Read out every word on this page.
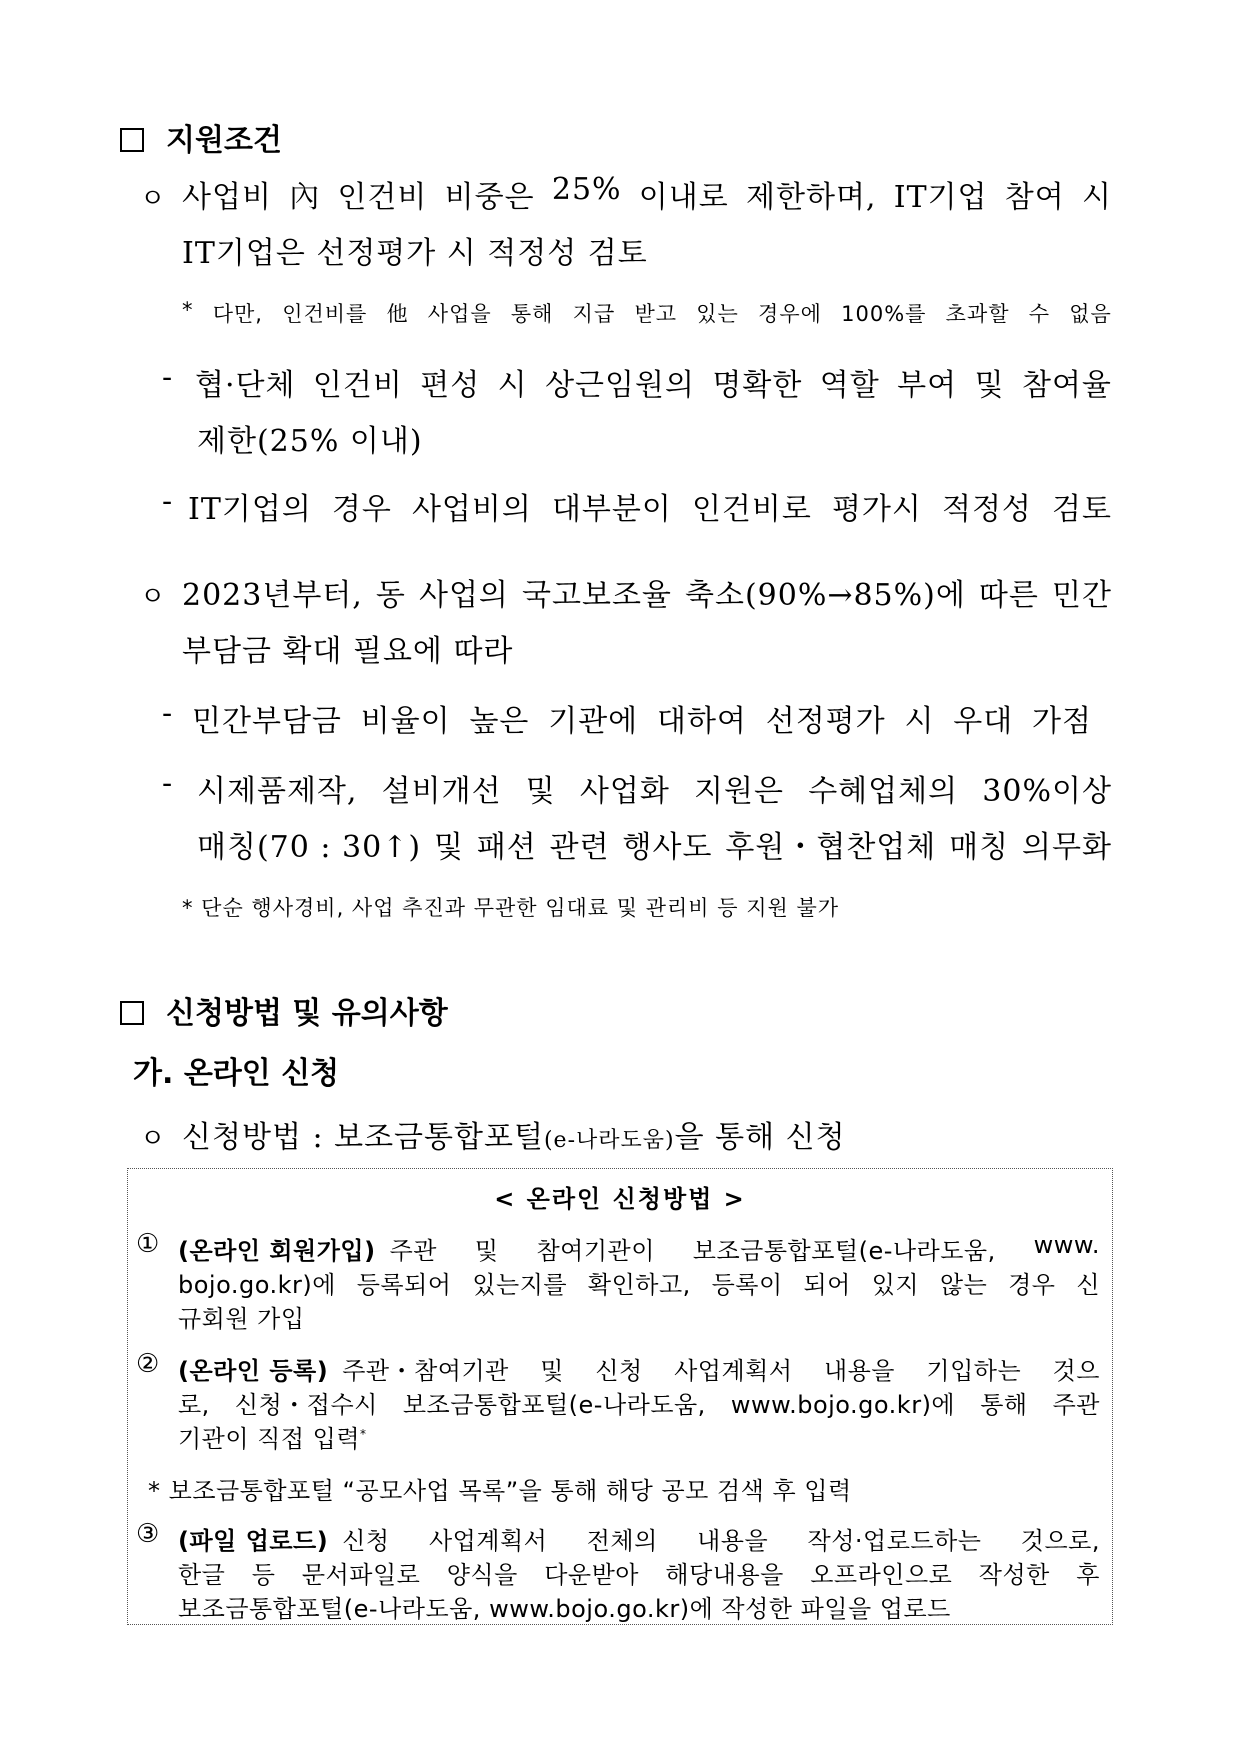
지원조건
ㅇ 사업비 內 인건비 비중은 25% 이내로 제한하며, IT기업 참여 시
IT기업은 선정평가 시 적정성 검토
* 다만, 인건비를 他 사업을 통해 지급 받고 있는 경우에 100%를 초과할 수 없음
- 협·단체 인건비 편성 시 상근임원의 명확한 역할 부여 및 참여율
제한(25% 이내)
- IT기업의 경우 사업비의 대부분이 인건비로 평가시 적정성 검토
ㅇ 2023년부터, 동 사업의 국고보조율 축소(90%→85%)에 따른 민간
부담금 확대 필요에 따라
- 민간부담금 비율이 높은 기관에 대하여 선정평가 시 우대 가점
- 시제품제작, 설비개선 및 사업화 지원은 수혜업체의 30%이상
매칭(70 : 30↑) 및 패션 관련 행사도 후원・협찬업체 매칭 의무화
* 단순 행사경비, 사업 추진과 무관한 임대료 및 관리비 등 지원 불가
신청방법 및 유의사항
가. 온라인 신청
ㅇ 신청방법 : 보조금통합포털(e-나라도움)을 통해 신청
< 온라인 신청방법 >
① (온라인 회원가입) 주관 및 참여기관이 보조금통합포털(e-나라도움, www.
bojo.go.kr)에 등록되어 있는지를 확인하고, 등록이 되어 있지 않는 경우 신
규회원 가입
② (온라인 등록) 주관・참여기관 및 신청 사업계획서 내용을 기입하는 것으
로, 신청・접수시 보조금통합포털(e-나라도움, www.bojo.go.kr)에 통해 주관
기관이 직접 입력*
* 보조금통합포털 “공모사업 목록”을 통해 해당 공모 검색 후 입력
③ (파일 업로드) 신청 사업계획서 전체의 내용을 작성·업로드하는 것으로,
한글 등 문서파일로 양식을 다운받아 해당내용을 오프라인으로 작성한 후
보조금통합포털(e-나라도움, www.bojo.go.kr)에 작성한 파일을 업로드
